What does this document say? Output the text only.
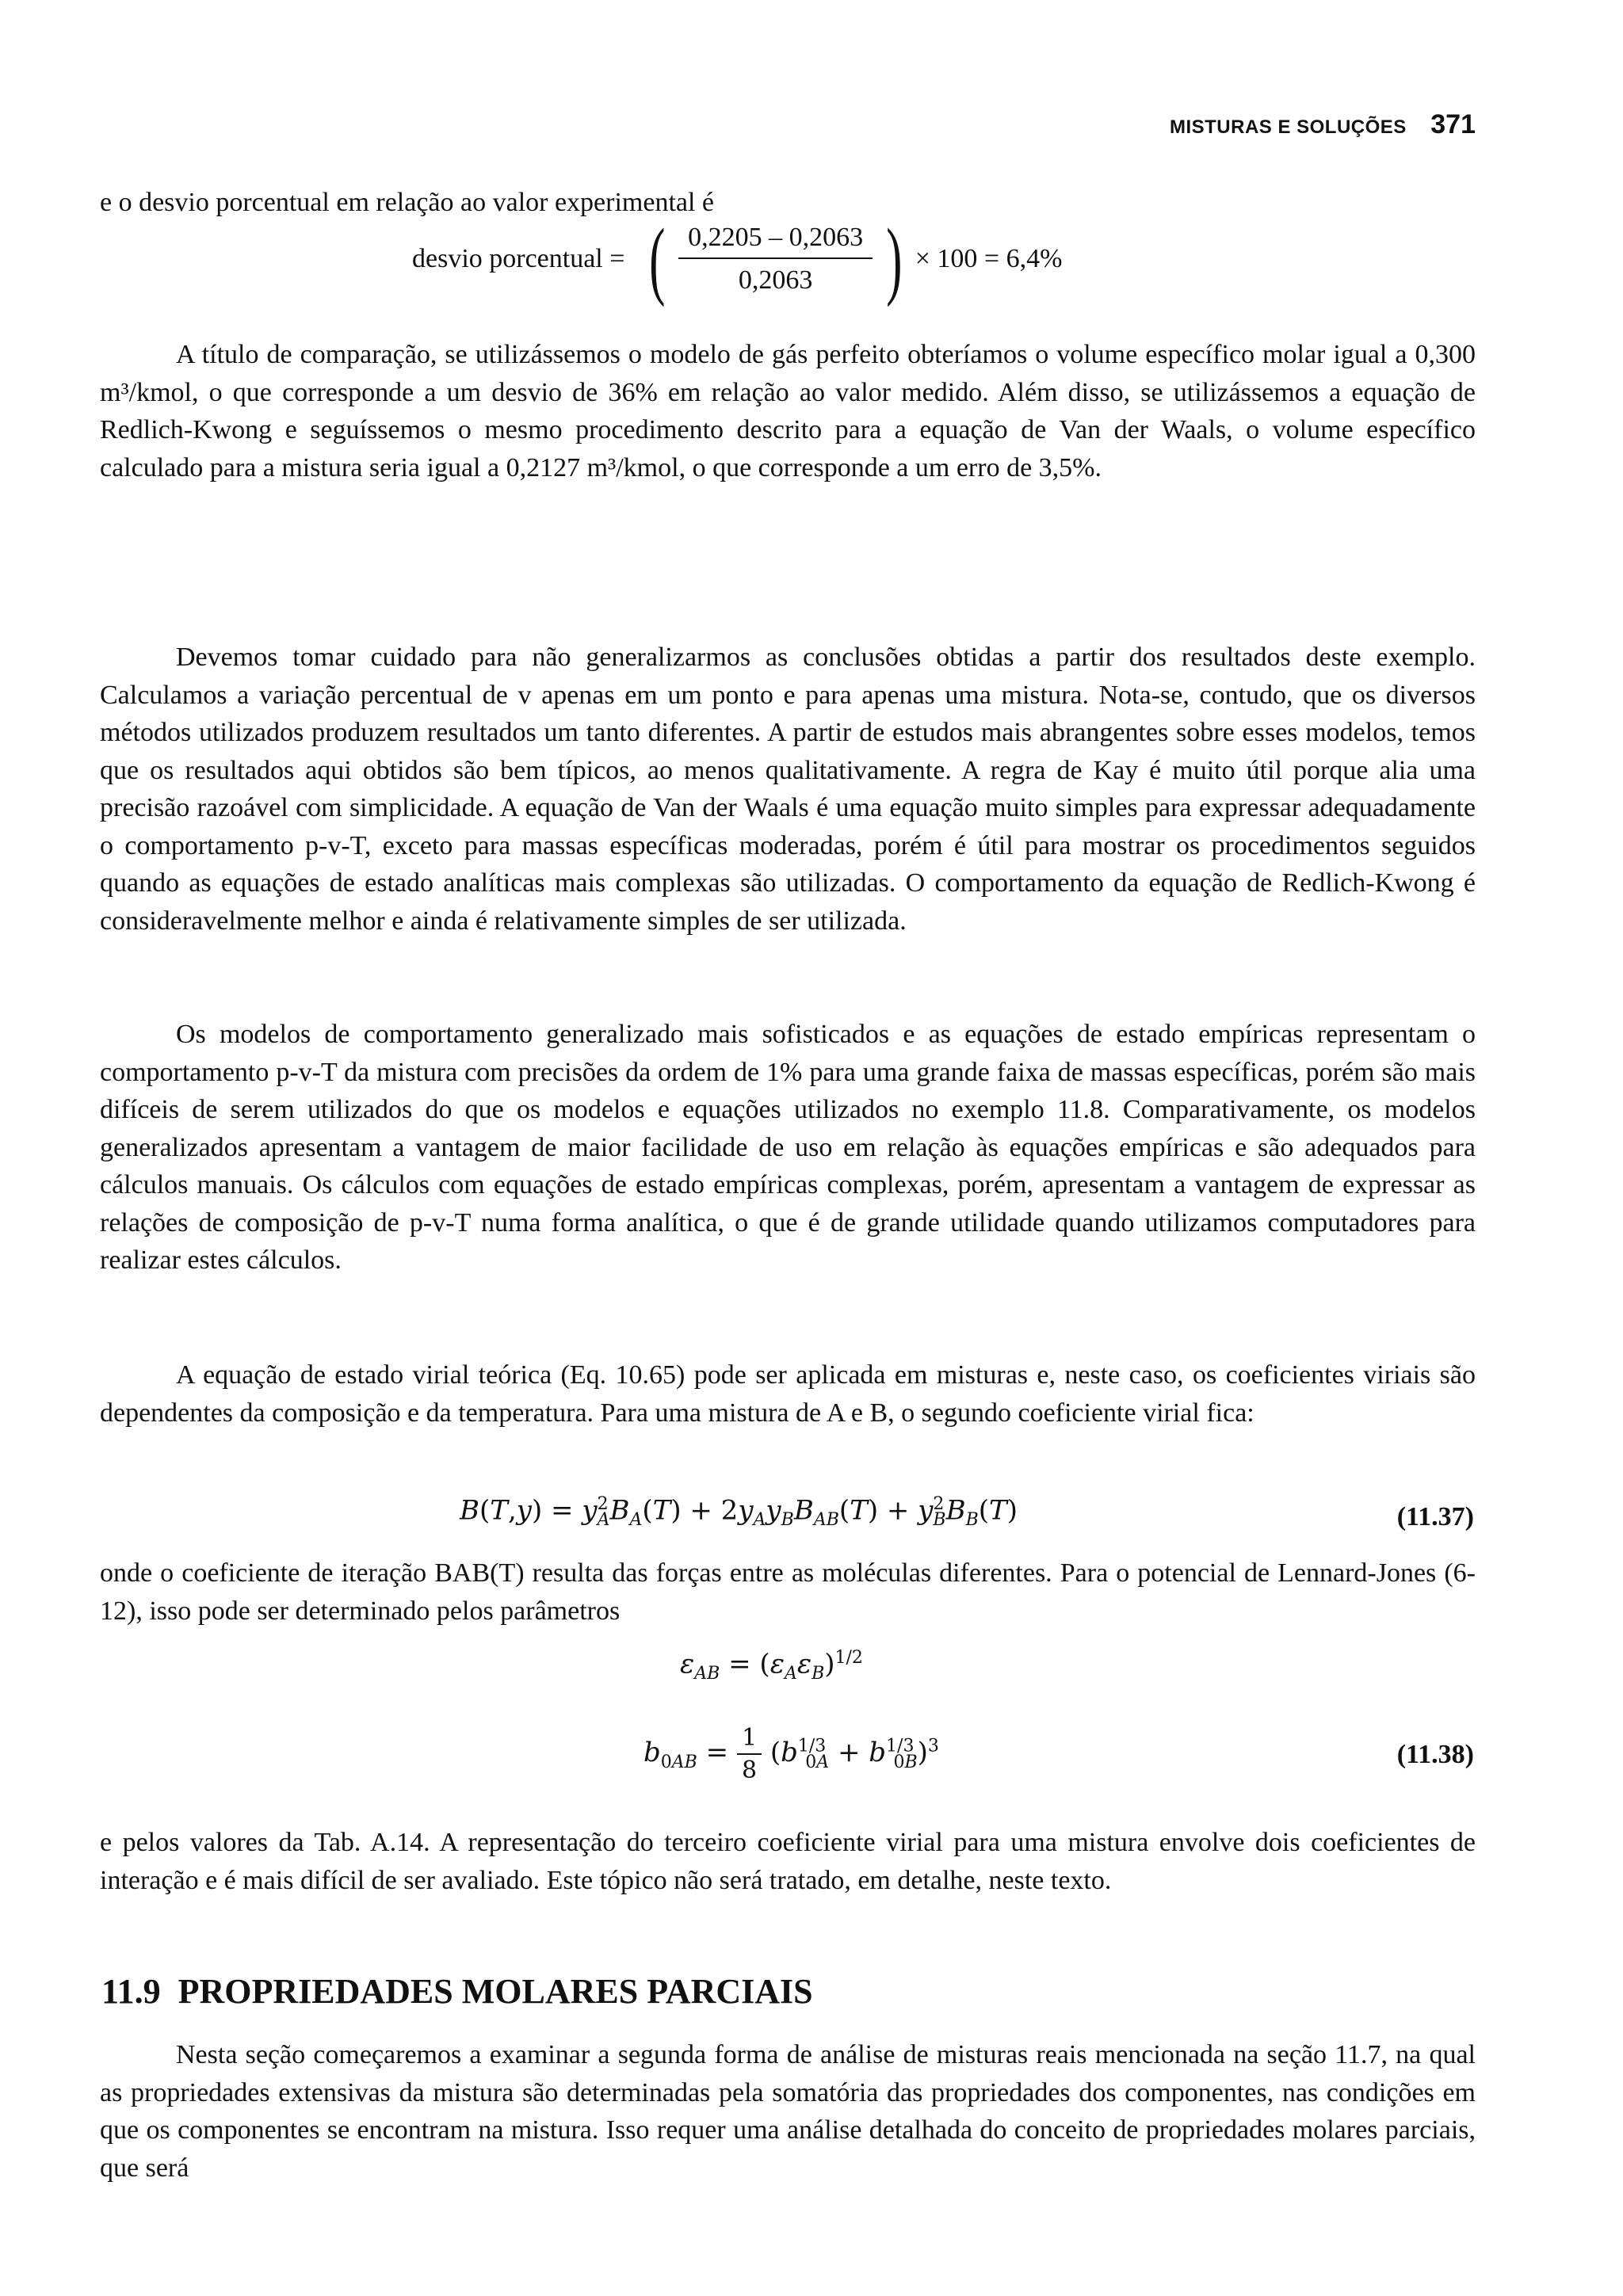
MISTURAS E SOLUÇÕES 371

e o desvio porcentual em relação ao valor experimental é

desvio porcentual = ( $\frac{0,2205 - 0,2063}{0,2063}$ ) × 100 = 6,4%

A título de comparação, se utilizássemos o modelo de gás perfeito obteríamos o volume específico molar igual a 0,300 m³/kmol, o que corresponde a um desvio de 36% em relação ao valor medido. Além disso, se utilizássemos a equação de Redlich-Kwong e seguíssemos o mesmo procedimento descrito para a equação de Van der Waals, o volume específico calculado para a mistura seria igual a 0,2127 m³/kmol, o que corresponde a um erro de 3,5%.

Devemos tomar cuidado para não generalizarmos as conclusões obtidas a partir dos resultados deste exemplo. Calculamos a variação percentual de v apenas em um ponto e para apenas uma mistura. Nota-se, contudo, que os diversos métodos utilizados produzem resultados um tanto diferentes. A partir de estudos mais abrangentes sobre esses modelos, temos que os resultados aqui obtidos são bem típicos, ao menos qualitativamente. A regra de Kay é muito útil porque alia uma precisão razoável com simplicidade. A equação de Van der Waals é uma equação muito simples para expressar adequadamente o comportamento p-v-T, exceto para massas específicas moderadas, porém é útil para mostrar os procedimentos seguidos quando as equações de estado analíticas mais complexas são utilizadas. O comportamento da equação de Redlich-Kwong é consideravelmente melhor e ainda é relativamente simples de ser utilizada.

Os modelos de comportamento generalizado mais sofisticados e as equações de estado empíricas representam o comportamento p-v-T da mistura com precisões da ordem de 1% para uma grande faixa de massas específicas, porém são mais difíceis de serem utilizados do que os modelos e equações utilizados no exemplo 11.8. Comparativamente, os modelos generalizados apresentam a vantagem de maior facilidade de uso em relação às equações empíricas e são adequados para cálculos manuais. Os cálculos com equações de estado empíricas complexas, porém, apresentam a vantagem de expressar as relações de composição de p-v-T numa forma analítica, o que é de grande utilidade quando utilizamos computadores para realizar estes cálculos.

A equação de estado virial teórica (Eq. 10.65) pode ser aplicada em misturas e, neste caso, os coeficientes viriais são dependentes da composição e da temperatura. Para uma mistura de A e B, o segundo coeficiente virial fica:

$B(T,y) = y^2_AB_A(T) + 2y_Ay_BB_{AB}(T) + y^2_BB_B(T)$	(11.37)

onde o coeficiente de iteração BAB(T) resulta das forças entre as moléculas diferentes. Para o potencial de Lennard-Jones (6-12), isso pode ser determinado pelos parâmetros

$\varepsilon_{AB} = (\varepsilon_A\varepsilon_B)^{1/2}$
$b_{0AB} = \frac{1}{8} (b^{1/3}_{0A} + b^{1/3}_{0B})^3$	(11.38)

e pelos valores da Tab. A.14. A representação do terceiro coeficiente virial para uma mistura envolve dois coeficientes de interação e é mais difícil de ser avaliado. Este tópico não será tratado, em detalhe, neste texto.

11.9 PROPRIEDADES MOLARES PARCIAIS

Nesta seção começaremos a examinar a segunda forma de análise de misturas reais mencionada na seção 11.7, na qual as propriedades extensivas da mistura são determinadas pela somatória das propriedades dos componentes, nas condições em que os componentes se encontram na mistura. Isso requer uma análise detalhada do conceito de propriedades molares parciais, que será
